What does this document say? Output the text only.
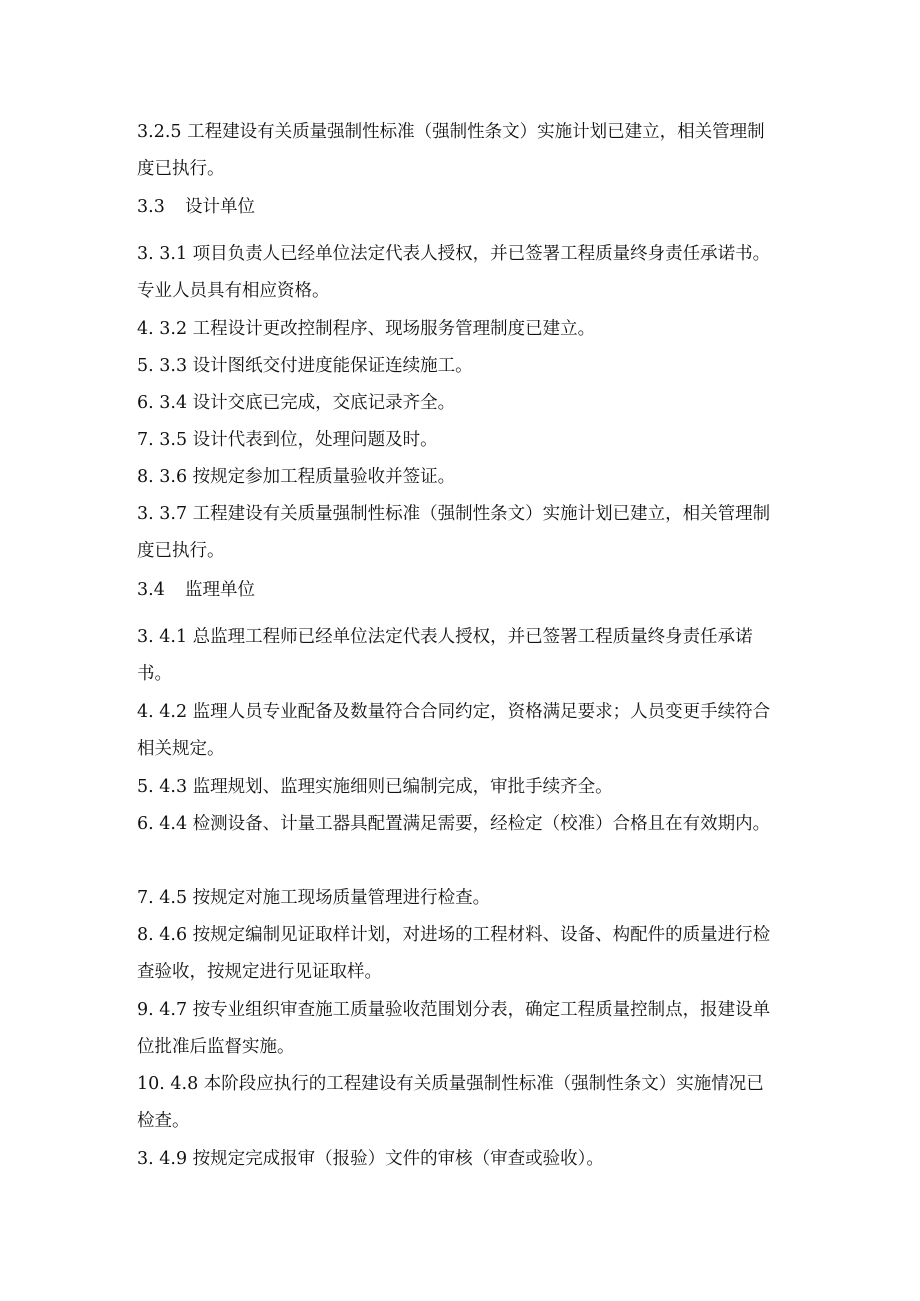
3.2.5 工程建设有关质量强制性标准（强制性条文）实施计划已建立，相关管理制度已执行。

3.3 设计单位

3. 3.1 项目负责人已经单位法定代表人授权，并已签署工程质量终身责任承诺书。专业人员具有相应资格。

4. 3.2 工程设计更改控制程序、现场服务管理制度已建立。

5. 3.3 设计图纸交付进度能保证连续施工。

6. 3.4 设计交底已完成，交底记录齐全。

7. 3.5 设计代表到位，处理问题及时。

8. 3.6 按规定参加工程质量验收并签证。

3. 3.7 工程建设有关质量强制性标准（强制性条文）实施计划已建立，相关管理制度已执行。

3.4 监理单位

3. 4.1 总监理工程师已经单位法定代表人授权，并已签署工程质量终身责任承诺书。

4. 4.2 监理人员专业配备及数量符合合同约定，资格满足要求；人员变更手续符合相关规定。

5. 4.3 监理规划、监理实施细则已编制完成，审批手续齐全。

6. 4.4 检测设备、计量工器具配置满足需要，经检定（校准）合格且在有效期内。

7. 4.5 按规定对施工现场质量管理进行检查。

8. 4.6 按规定编制见证取样计划，对进场的工程材料、设备、构配件的质量进行检查验收，按规定进行见证取样。

9. 4.7 按专业组织审查施工质量验收范围划分表，确定工程质量控制点，报建设单位批准后监督实施。

10. 4.8 本阶段应执行的工程建设有关质量强制性标准（强制性条文）实施情况已检查。

3. 4.9 按规定完成报审（报验）文件的审核（审查或验收）。
